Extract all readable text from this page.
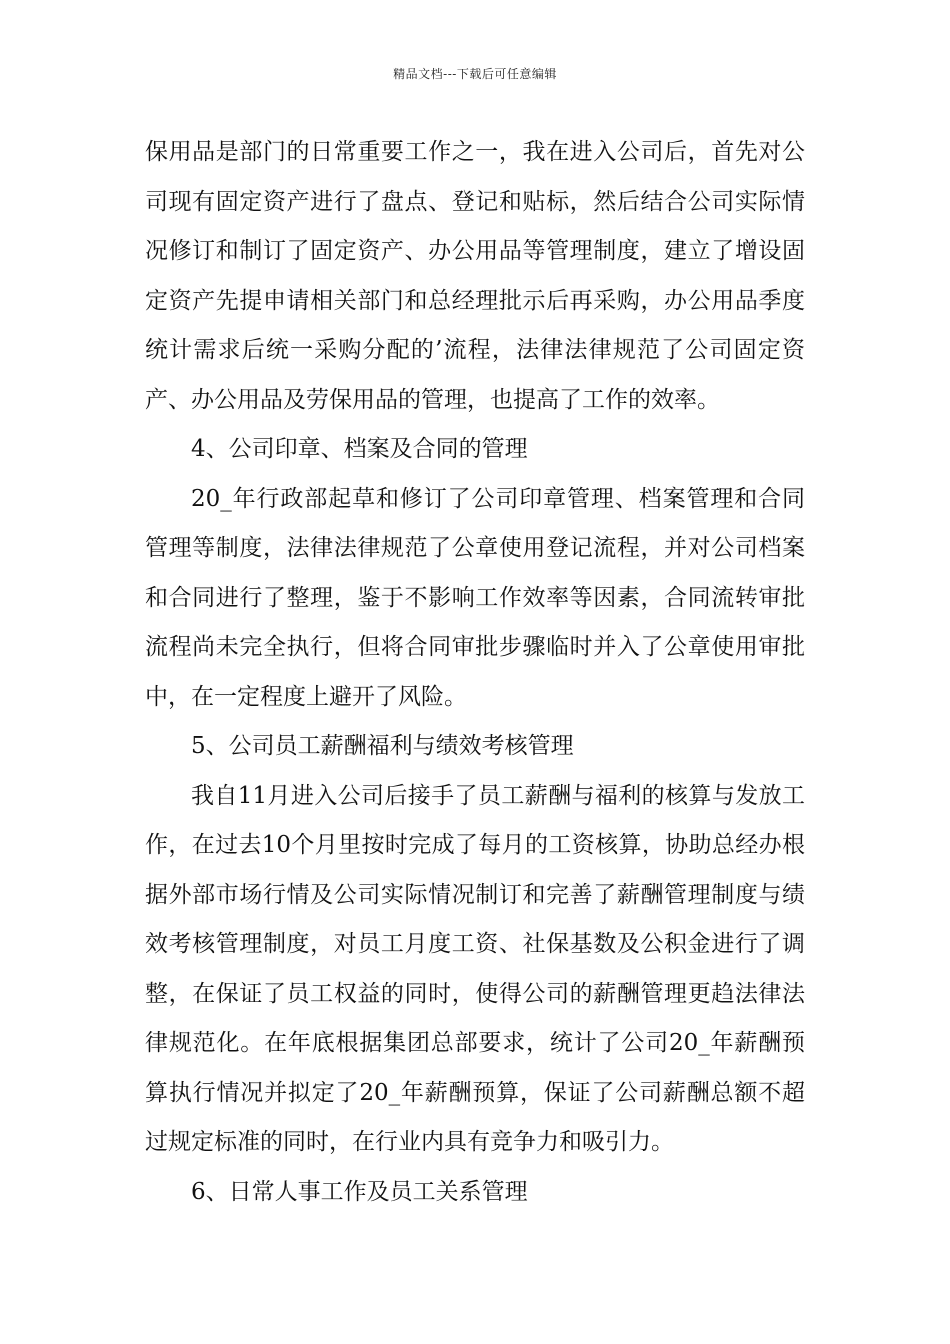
精品文档---下载后可任意编辑

保用品是部门的日常重要工作之一，我在进入公司后，首先对公司现有固定资产进行了盘点、登记和贴标，然后结合公司实际情况修订和制订了固定资产、办公用品等管理制度，建立了增设固定资产先提申请相关部门和总经理批示后再采购，办公用品季度统计需求后统一采购分配的’流程，法律法律规范了公司固定资产、办公用品及劳保用品的管理，也提高了工作的效率。

4、公司印章、档案及合同的管理

20_年行政部起草和修订了公司印章管理、档案管理和合同管理等制度，法律法律规范了公章使用登记流程，并对公司档案和合同进行了整理，鉴于不影响工作效率等因素，合同流转审批流程尚未完全执行，但将合同审批步骤临时并入了公章使用审批中，在一定程度上避开了风险。

5、公司员工薪酬福利与绩效考核管理

我自11月进入公司后接手了员工薪酬与福利的核算与发放工作，在过去10个月里按时完成了每月的工资核算，协助总经办根据外部市场行情及公司实际情况制订和完善了薪酬管理制度与绩效考核管理制度，对员工月度工资、社保基数及公积金进行了调整，在保证了员工权益的同时，使得公司的薪酬管理更趋法律法律规范化。在年底根据集团总部要求，统计了公司20_年薪酬预算执行情况并拟定了20_年薪酬预算，保证了公司薪酬总额不超过规定标准的同时，在行业内具有竞争力和吸引力。

6、日常人事工作及员工关系管理
